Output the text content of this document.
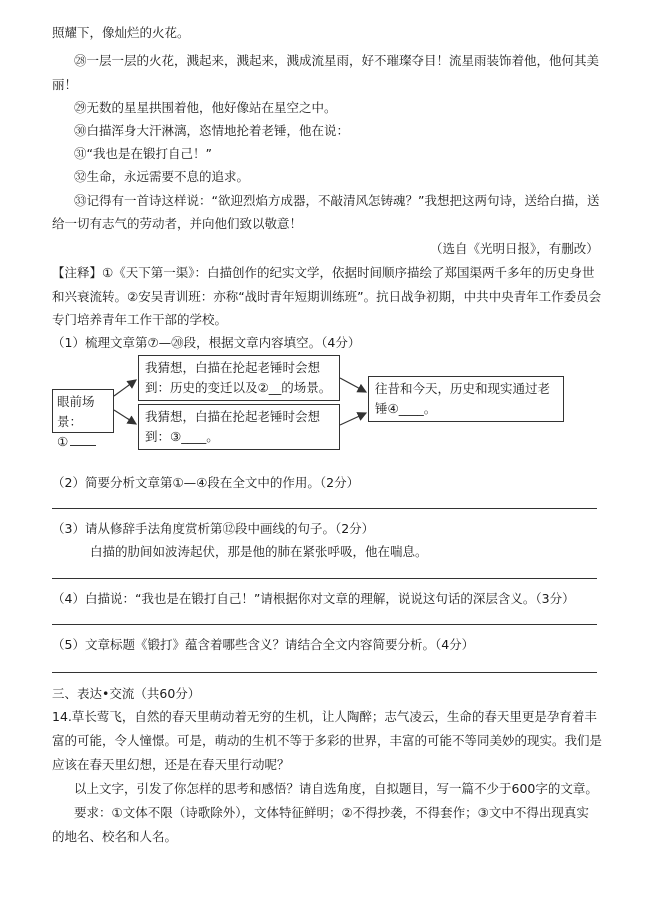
照耀下，像灿烂的火花。
㉘一层一层的火花，溅起来，溅起来，溅成流星雨，好不璀璨夺目！流星雨装饰着他，他何其美
丽！
㉙无数的星星拱围着他，他好像站在星空之中。
㉚白描浑身大汗淋漓，恣情地抡着老锤，他在说：
㉛“我也是在锻打自己！”
㉜生命，永远需要不息的追求。
㉝记得有一首诗这样说：“欲迎烈焰方成器，不敲清风怎铸魂？”我想把这两句诗，送给白描，送
给一切有志气的劳动者，并向他们致以敬意！
（选自《光明日报》，有删改）
【注释】①《天下第一渠》：白描创作的纪实文学，依据时间顺序描绘了郑国渠两千多年的历史身世
和兴衰流转。②安吴青训班：亦称“战时青年短期训练班”。抗日战争初期，中共中央青年工作委员会
专门培养青年工作干部的学校。
（1）梳理文章第⑦—⑳段，根据文章内容填空。（4分）
眼前场景：
①
我猜想，白描在抡起老锤时会想
到：历史的变迁以及②__的场景。
我猜想，白描在抡起老锤时会想
到：③____。
往昔和今天，历史和现实通过老
锤④____。
（2）简要分析文章第①—④段在全文中的作用。（2分）
（3）请从修辞手法角度赏析第⑫段中画线的句子。（2分）
白描的肋间如波涛起伏，那是他的肺在紧张呼吸，他在喘息。
（4）白描说：“我也是在锻打自己！”请根据你对文章的理解，说说这句话的深层含义。（3分）
（5）文章标题《锻打》蕴含着哪些含义？请结合全文内容简要分析。（4分）
三、表达•交流（共60分）
14.草长莺飞，自然的春天里萌动着无穷的生机，让人陶醉；志气凌云，生命的春天里更是孕育着丰
富的可能，令人憧憬。可是，萌动的生机不等于多彩的世界，丰富的可能不等同美妙的现实。我们是
应该在春天里幻想，还是在春天里行动呢？
以上文字，引发了你怎样的思考和感悟？请自选角度，自拟题目，写一篇不少于600字的文章。
要求：①文体不限（诗歌除外），文体特征鲜明；②不得抄袭，不得套作；③文中不得出现真实
的地名、校名和人名。
